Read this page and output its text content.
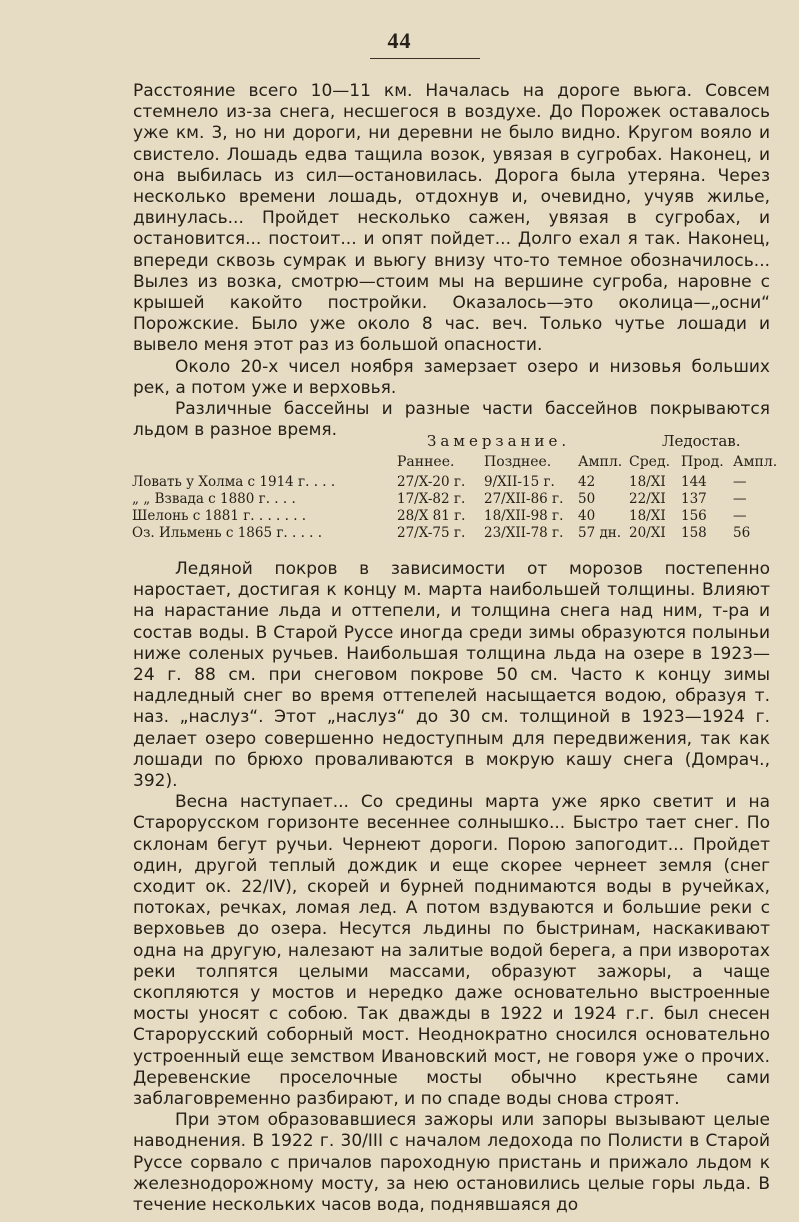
44

Расстояние всего 10—11 км. Началась на дороге вьюга. Совсем стемнело из-за снега, несшегося в воздухе. До Порожек оставалось уже км. 3, но ни дороги, ни деревни не было видно. Кругом вояло и свистело. Лошадь едва тащила возок, увязая в сугробах. Наконец, и она выбилась из сил—остановилась. Дорога была утеряна. Через несколько времени лошадь, отдохнув и, очевидно, учуяв жилье, двинулась... Пройдет несколько сажен, увязая в сугробах, и остановится... постоит... и опят пойдет... Долго ехал я так. Наконец, впереди сквозь сумрак и вьюгу внизу что-то темное обозначилось... Вылез из возка, смотрю—стоим мы на вершине сугроба, наровне с крышей какойто постройки. Оказалось—это околица—„осни“ Порожские. Было уже около 8 час. веч. Только чутье лошади и вывело меня этот раз из большой опасности.

Около 20-х чисел ноября замерзает озеро и низовья больших рек, а потом уже и верховья.

Различные бассейны и разные части бассейнов покрываются льдом в разное время.

Замерзание.	Ледостав.
Раннее. Позднее. Ампл. Сред. Прод. Ампл.
Ловать у Холма с 1914 г. . . .	27/X-20 г. 9/XII-15 г. 42	18/XI 144 —
„ „ Взвада с 1880 г. . . .	17/X-82 г. 27/XII-86 г. 50	22/XI 137 —
Шелонь с 1881 г. . . . . . .	28/X 81 г. 18/XII-98 г. 40	18/XI 156 —
Оз. Ильмень с 1865 г. . . . .	27/X-75 г. 23/XII-78 г. 57 дн. 20/XI 158 56

Ледяной покров в зависимости от морозов постепенно наростает, достигая к концу м. марта наибольшей толщины. Влияют на нарастание льда и оттепели, и толщина снега над ним, т-ра и состав воды. В Старой Руссе иногда среди зимы образуются полыньи ниже соленых ручьев. Наибольшая толщина льда на озере в 1923—24 г. 88 см. при снеговом покрове 50 см. Часто к концу зимы надледный снег во время оттепелей насыщается водою, образуя т. наз. „наслуз“. Этот „наслуз“ до 30 см. толщиной в 1923—1924 г. делает озеро совершенно недоступным для передвижения, так как лошади по брюхо проваливаются в мокрую кашу снега (Домрач., 392).

Весна наступает... Со средины марта уже ярко светит и на Старорусском горизонте весеннее солнышко... Быстро тает снег. По склонам бегут ручьи. Чернеют дороги. Порою запогодит... Пройдет один, другой теплый дождик и еще скорее чернеет земля (снег сходит ок. 22/IV), скорей и бурней поднимаются воды в ручейках, потоках, речках, ломая лед. А потом вздуваются и большие реки с верховьев до озера. Несутся льдины по быстринам, наскакивают одна на другую, налезают на залитые водой берега, а при изворотах реки толпятся целыми массами, образуют зажоры, а чаще скопляются у мостов и нередко даже основательно выстроенные мосты уносят с собою. Так дважды в 1922 и 1924 г.г. был снесен Старорусский соборный мост. Неоднократно сносился основательно устроенный еще земством Ивановский мост, не говоря уже о прочих. Деревенские проселочные мосты обычно крестьяне сами заблаговременно разбирают, и по спаде воды снова строят.

При этом образовавшиеся зажоры или запоры вызывают целые наводнения. В 1922 г. 30/III с началом ледохода по Полисти в Старой Руссе сорвало с причалов пароходную пристань и прижало льдом к железнодорожному мосту, за нею остановились целые горы льда. В течение нескольких часов вода, поднявшаяся до
